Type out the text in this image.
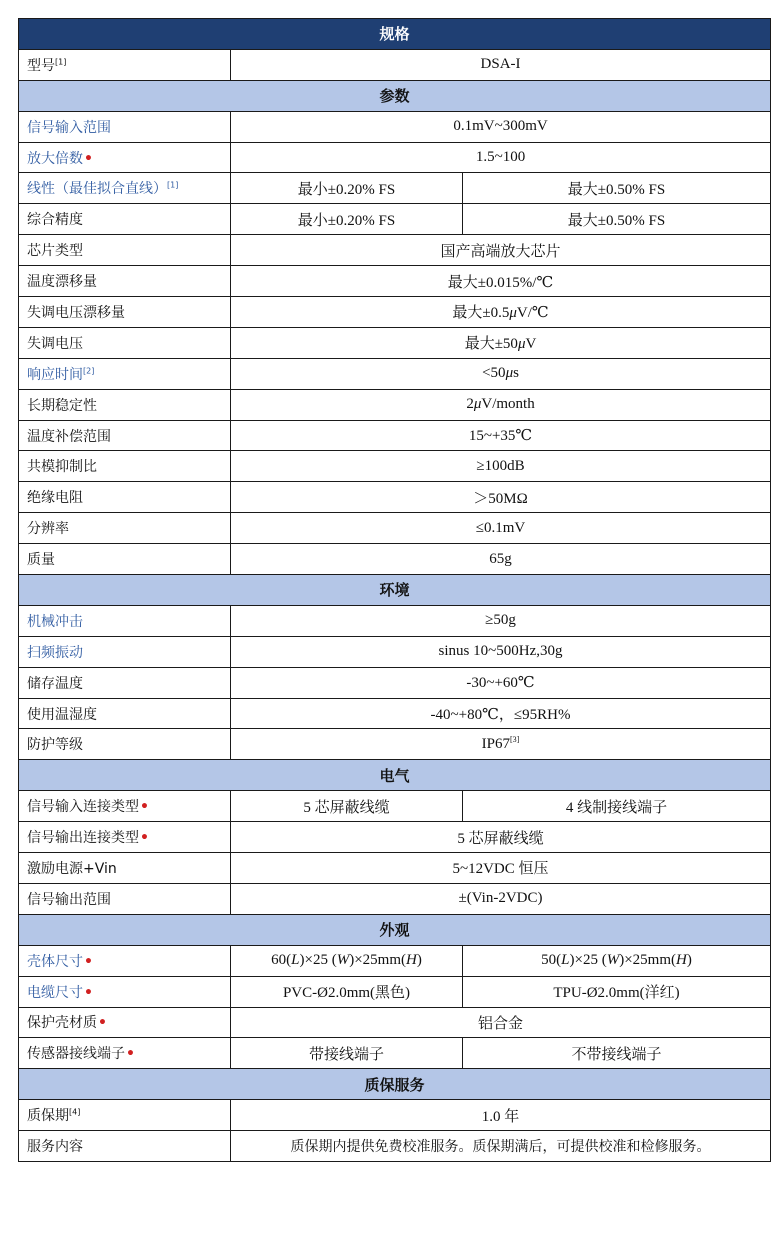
规格		
型号[1]	DSA-I	
参数		
信号输入范围	0.1mV~300mV	
放大倍数•	1.5~100	
线性（最佳拟合直线）[1]	最小±0.20% FS	最大±0.50% FS
综合精度	最小±0.20% FS	最大±0.50% FS
芯片类型	国产高端放大芯片	
温度漂移量	最大±0.015%/℃	
失调电压漂移量	最大±0.5μV/℃	
失调电压	最大±50μV	
响应时间[2]	<50μs	
长期稳定性	2μV/month	
温度补偿范围	15~+35℃	
共模抑制比	≥100dB	
绝缘电阻	＞50MΩ	
分辨率	≤0.1mV	
质量	65g	
环境		
机械冲击	≥50g	
扫频振动	sinus 10~500Hz,30g	
储存温度	-30~+60℃	
使用温湿度	-40~+80℃，≤95RH%	
防护等级	IP67[3]
电气		
信号输入连接类型•	5 芯屏蔽线缆	4 线制接线端子
信号输出连接类型•	5 芯屏蔽线缆	
激励电源+Vin	5~12VDC 恒压	
信号输出范围	±(Vin-2VDC)	
外观		
壳体尺寸•	60(L)×25 (W)×25mm(H)	50(L)×25 (W)×25mm(H)
电缆尺寸•	PVC-Ø2.0mm(黑色)	TPU-Ø2.0mm(洋红)
保护壳材质•	铝合金	
传感器接线端子•	带接线端子	不带接线端子
质保服务		
质保期[4]	1.0 年	
服务内容	质保期内提供免费校准服务。质保期满后，可提供校准和检修服务。	
